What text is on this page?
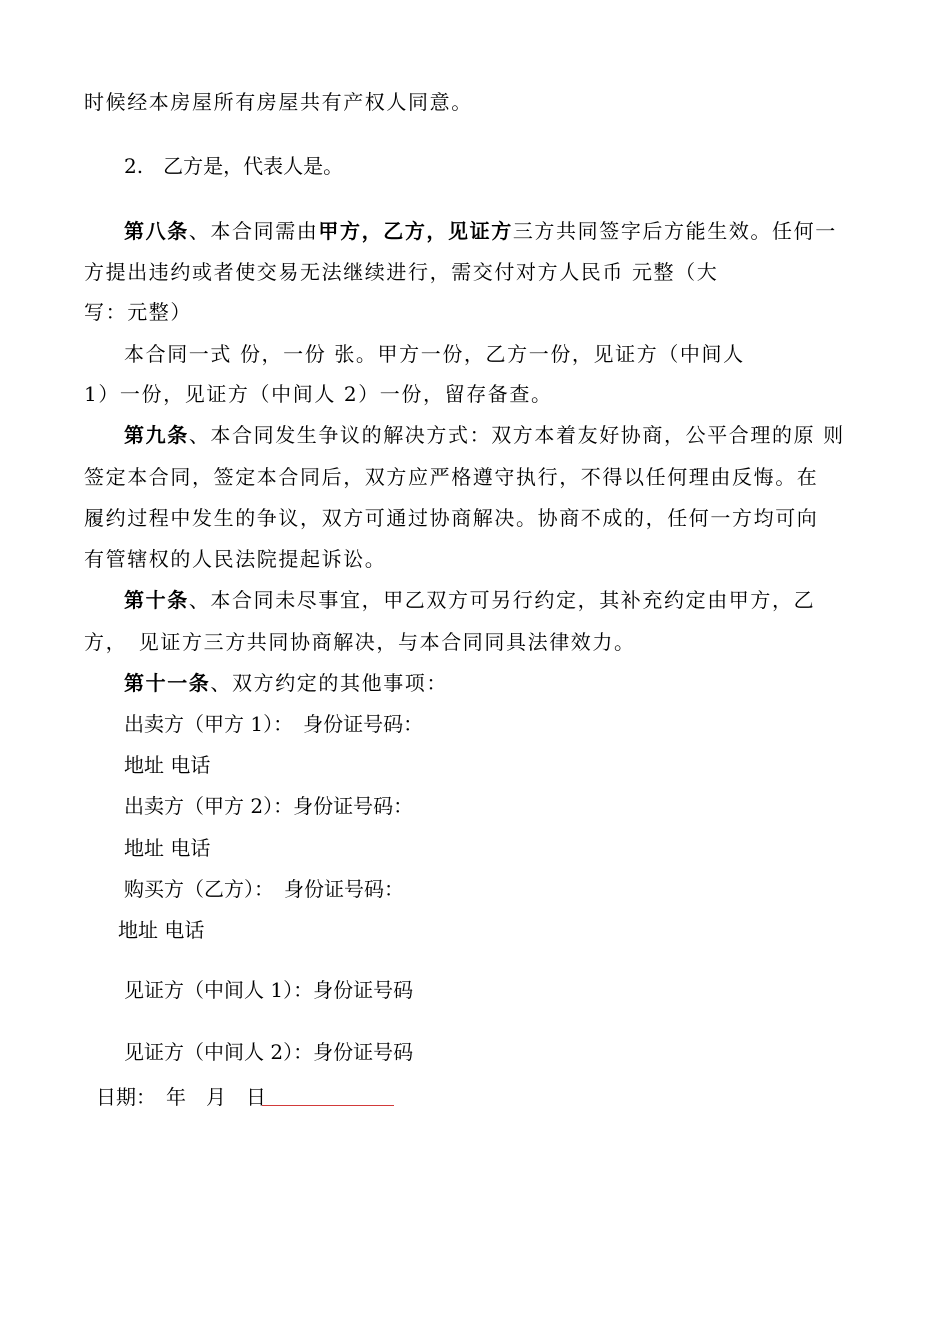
时候经本房屋所有房屋共有产权人同意。

2.　乙方是，代表人是。

第八条、本合同需由甲方，乙方，见证方三方共同签字后方能生效。任何一

方提出违约或者使交易无法继续进行，需交付对方人民币 元整（大

写：元整）

本合同一式 份，一份 张。甲方一份，乙方一份，见证方（中间人

1）一份，见证方（中间人 2）一份，留存备查。

第九条、本合同发生争议的解决方式：双方本着友好协商，公平合理的原 则

签定本合同，签定本合同后，双方应严格遵守执行，不得以任何理由反悔。在

履约过程中发生的争议，双方可通过协商解决。协商不成的，任何一方均可向

有管辖权的人民法院提起诉讼。

第十条、本合同未尽事宜，甲乙双方可另行约定，其补充约定由甲方，乙

方，　见证方三方共同协商解决，与本合同同具法律效力。

第十一条、双方约定的其他事项：

出卖方（甲方 1）：　身份证号码：

地址 电话

出卖方（甲方 2）：身份证号码：

地址 电话

购买方（乙方）：　身份证号码：

地址 电话

见证方（中间人 1）：身份证号码

见证方（中间人 2）：身份证号码

日期：　年　月　日
